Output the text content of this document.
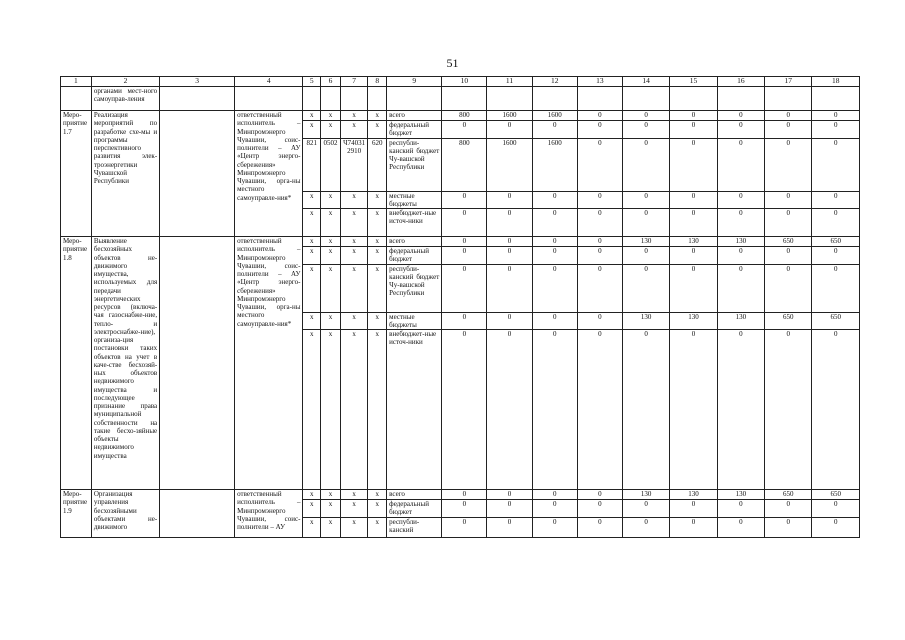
51
1	2	3	4	5	6	7	8	9	10	11	12	13	14	15	16	17	18
	органами мест-ного самоуправ-ления																
Меро-приятие 1.7	Реализация мероприятий по разработке схе-мы и программы перспективного развития элек-троэнергетики Чувашской Республики		ответственный исполнитель – Минпромэнерго Чувашии, соис-полнители – АУ «Центр энерго-сбережения» Минпромэнерго Чувашии, орга-ны местного самоуправле-ния*	х	х	х	х	всего	800	1600	1600	0	0	0	0	0	0
				х	х	х	х	федеральный бюджет	0	0	0	0	0	0	0	0	0
				821	0502	Ч74031 2910	620	республи-канский бюджет Чу-вашской Республики	800	1600	1600	0	0	0	0	0	0
				х	х	х	х	местные бюджеты	0	0	0	0	0	0	0	0	0
				х	х	х	х	внебюджет-ные источ-ники	0	0	0	0	0	0	0	0	0
Меро-приятие 1.8	Выявление бесхозяйных объектов не-движимого имущества, используемых для передачи энергетических ресурсов (включа-чая газоснабже-ние, тепло- и электроснабже-ние), организа-ция постановки таких объектов на учет в каче-стве бесхозяй-ных объектов недвижимого имущества и последующее признание права муниципальной собственности на такие бесхо-зяйные объекты недвижимого имущества		ответственный исполнитель – Минпромэнерго Чувашии, соис-полнители – АУ «Центр энерго-сбережения» Минпромэнерго Чувашии, орга-ны местного самоуправле-ния*	х	х	х	х	всего	0	0	0	0	130	130	130	650	650
				х	х	х	х	федеральный бюджет	0	0	0	0	0	0	0	0	0
				х	х	х	х	республи-канский бюджет Чу-вашской Республики	0	0	0	0	0	0	0	0	0
				х	х	х	х	местные бюджеты	0	0	0	0	130	130	130	650	650
				х	х	х	х	внебюджет-ные источ-ники	0	0	0	0	0	0	0	0	0
Меро-приятие 1.9	Организация управления бесхозяйными объектами не-движимого		ответственный исполнитель – Минпромэнерго Чувашии, соис-полнители – АУ	х	х	х	х	всего	0	0	0	0	130	130	130	650	650
				х	х	х	х	федеральный бюджет	0	0	0	0	0	0	0	0	0
				х	х	х	х	республи-канский	0	0	0	0	0	0	0	0	0
